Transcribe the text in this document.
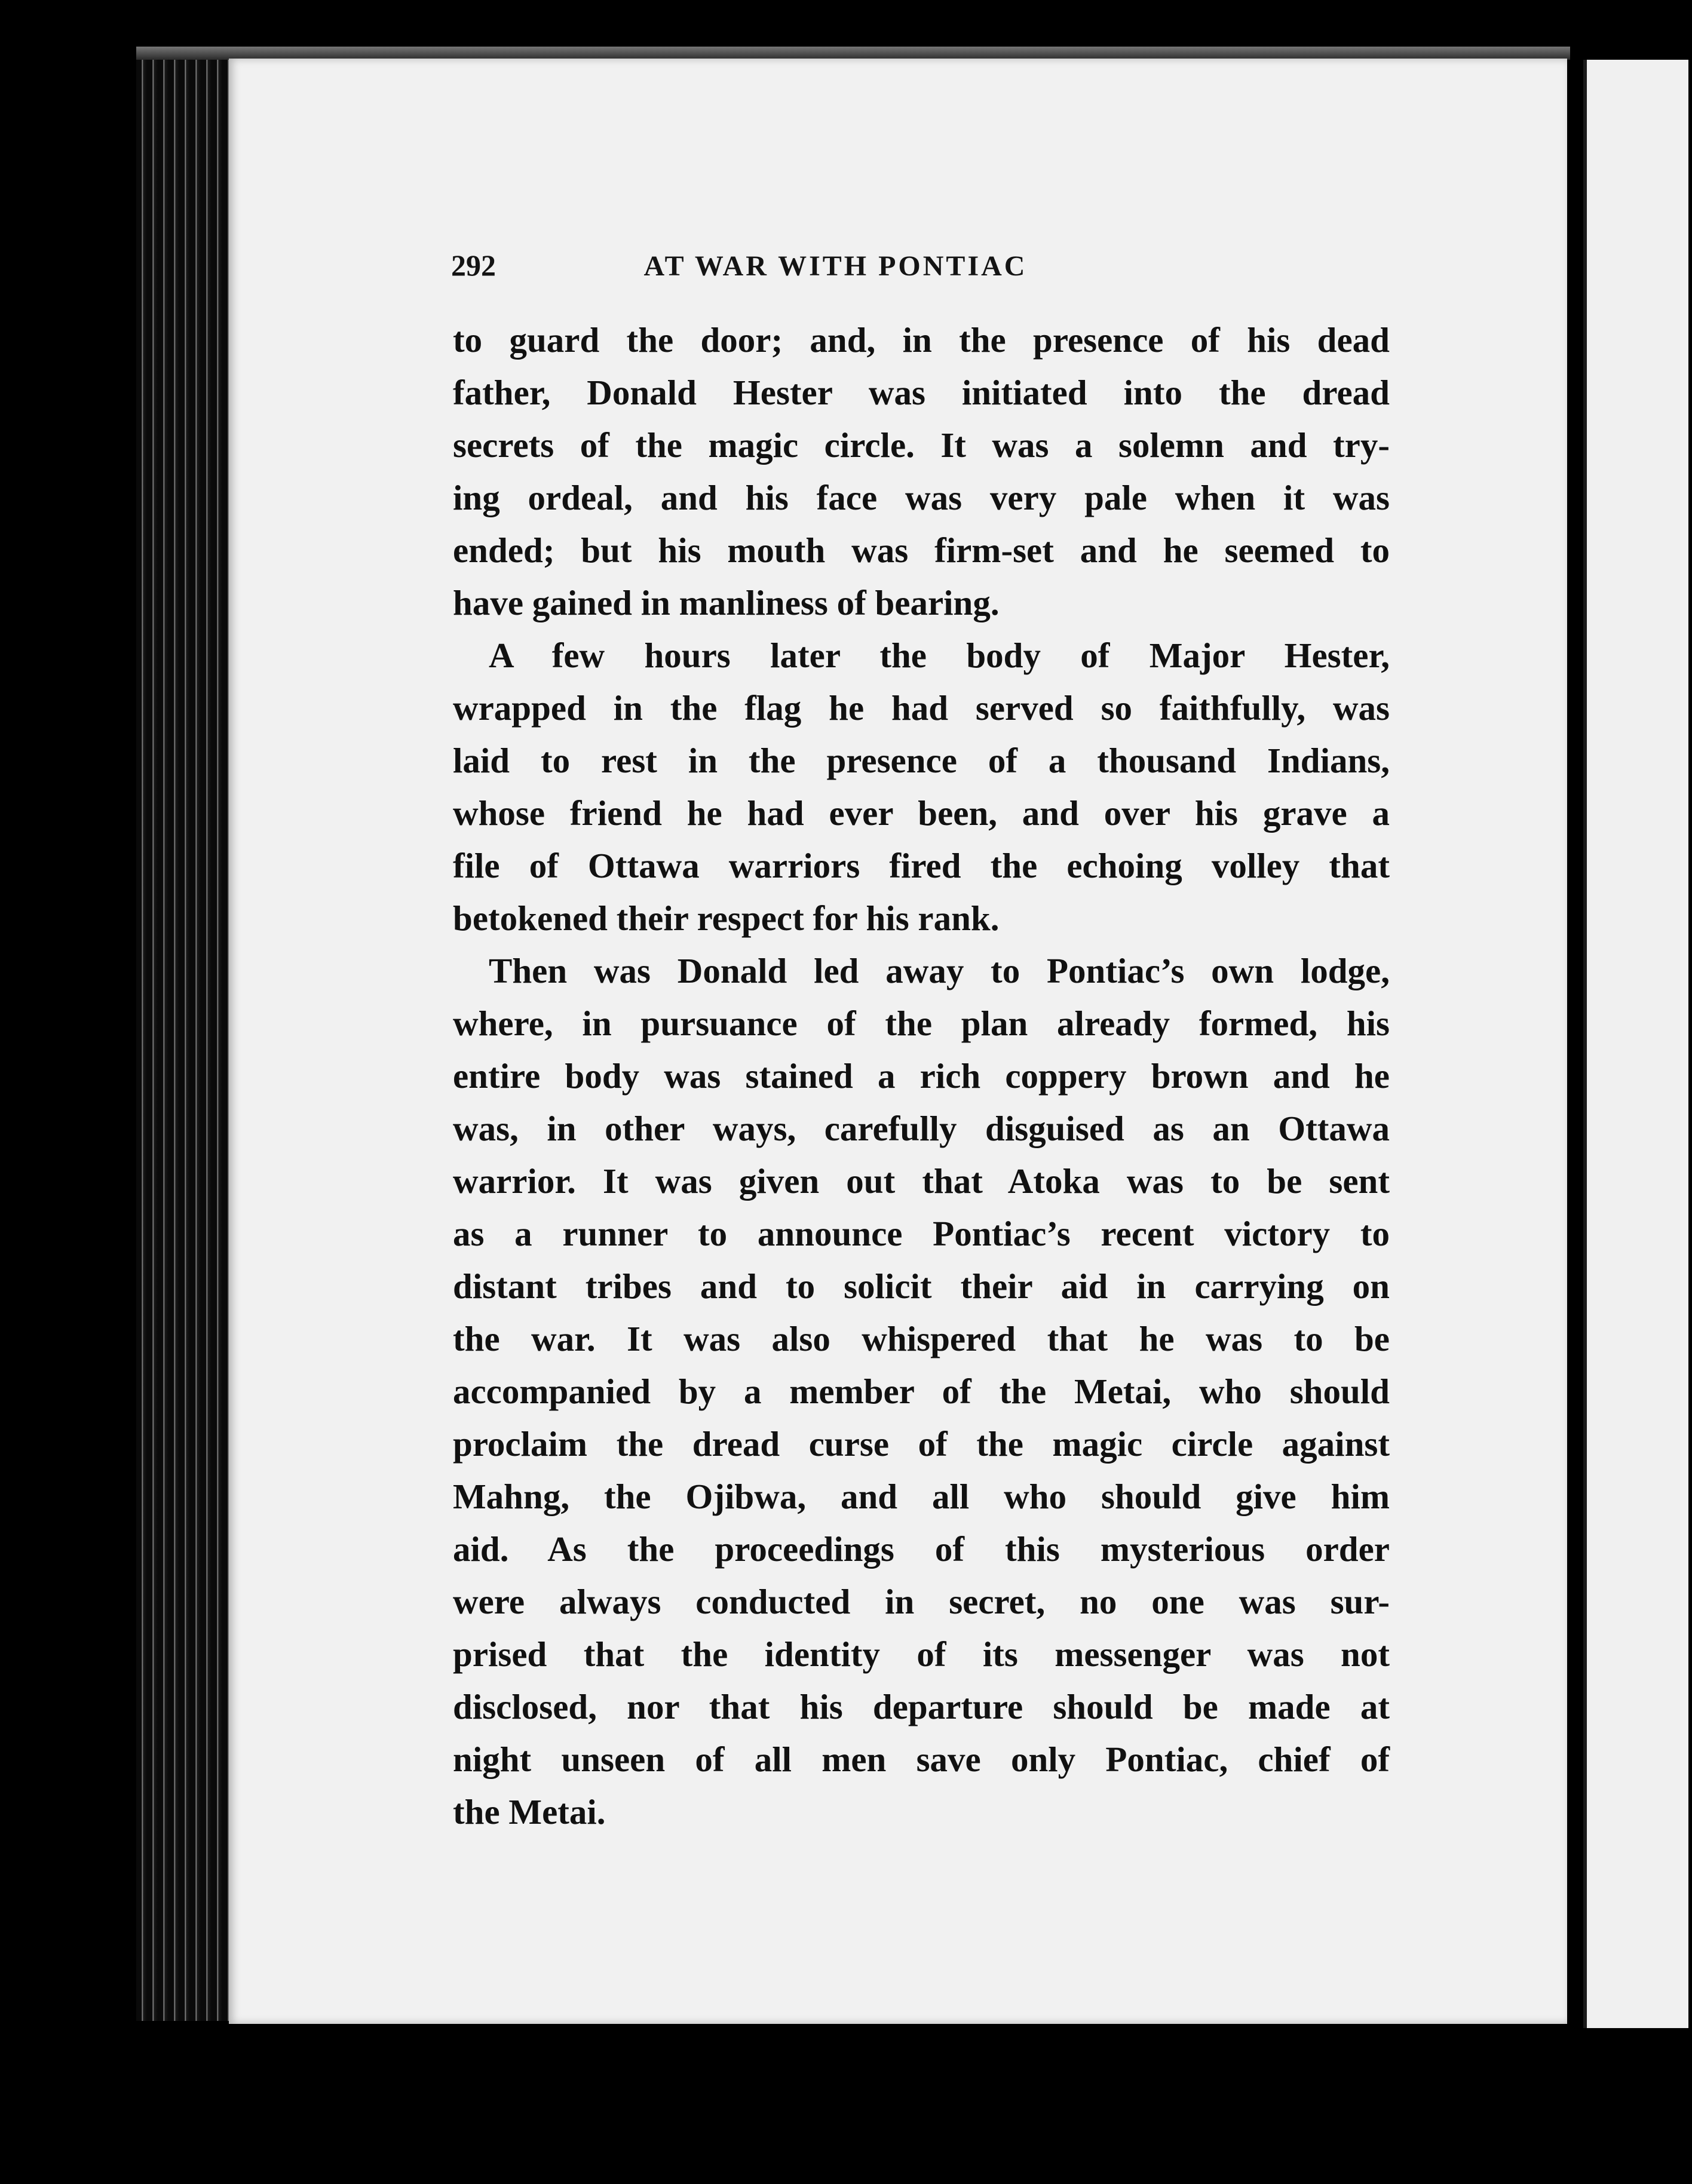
292	AT WAR WITH PONTIAC
to guard the door; and, in the presence of his dead
father, Donald Hester was initiated into the dread
secrets of the magic circle. It was a solemn and try-
ing ordeal, and his face was very pale when it was
ended; but his mouth was firm-set and he seemed to
have gained in manliness of bearing.
A few hours later the body of Major Hester,
wrapped in the flag he had served so faithfully, was
laid to rest in the presence of a thousand Indians,
whose friend he had ever been, and over his grave a
file of Ottawa warriors fired the echoing volley that
betokened their respect for his rank.
Then was Donald led away to Pontiac’s own lodge,
where, in pursuance of the plan already formed, his
entire body was stained a rich coppery brown and he
was, in other ways, carefully disguised as an Ottawa
warrior. It was given out that Atoka was to be sent
as a runner to announce Pontiac’s recent victory to
distant tribes and to solicit their aid in carrying on
the war. It was also whispered that he was to be
accompanied by a member of the Metai, who should
proclaim the dread curse of the magic circle against
Mahng, the Ojibwa, and all who should give him
aid. As the proceedings of this mysterious order
were always conducted in secret, no one was sur-
prised that the identity of its messenger was not
disclosed, nor that his departure should be made at
night unseen of all men save only Pontiac, chief of
the Metai.
